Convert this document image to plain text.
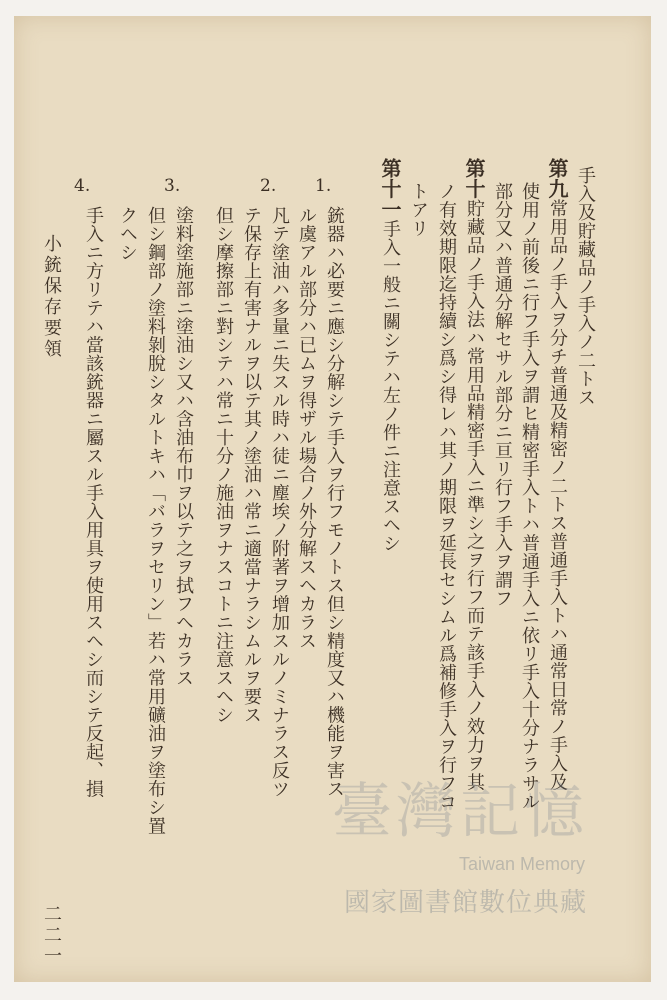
手入及貯藏品ノ手入ノ二トス
第九常用品ノ手入ヲ分チ普通及精密ノ二トス普通手入トハ通常日常ノ手入及
使用ノ前後ニ行フ手入ヲ謂ヒ精密手入トハ普通手入ニ依リ手入十分ナラサル
部分又ハ普通分解セサル部分ニ亘リ行フ手入ヲ謂フ
第十貯藏品ノ手入法ハ常用品精密手入ニ準シ之ヲ行フ而テ該手入ノ效力ヲ其
ノ有效期限迄持續シ爲シ得レハ其ノ期限ヲ延長セシムル爲補修手入ヲ行フコ
トアリ
第十一手入一般ニ關シテハ左ノ件ニ注意スヘシ
1.
銃器ハ必要ニ應シ分解シテ手入ヲ行フモノトス但シ精度又ハ機能ヲ害ス
ル虞アル部分ハ已ムヲ得ザル場合ノ外分解スヘカラス
2.
凡テ塗油ハ多量ニ失スル時ハ徒ニ塵埃ノ附著ヲ增加スルノミナラス反ツ
テ保存上有害ナルヲ以テ其ノ塗油ハ常ニ適當ナラシムルヲ要ス
但シ摩擦部ニ對シテハ常ニ十分ノ施油ヲナスコトニ注意スヘシ
3.
塗料塗施部ニ塗油シ又ハ含油布巾ヲ以テ之ヲ拭フヘカラス
但シ鋼部ノ塗料剝脫シタルトキハ「バラヲセリン」若ハ常用礦油ヲ塗布シ置
クヘシ
4.
手入ニ方リテハ當該銃器ニ屬スル手入用具ヲ使用スヘシ而シテ反起、損
小銃保存要領
二二一
臺灣記憶
Taiwan Memory
國家圖書館數位典藏
